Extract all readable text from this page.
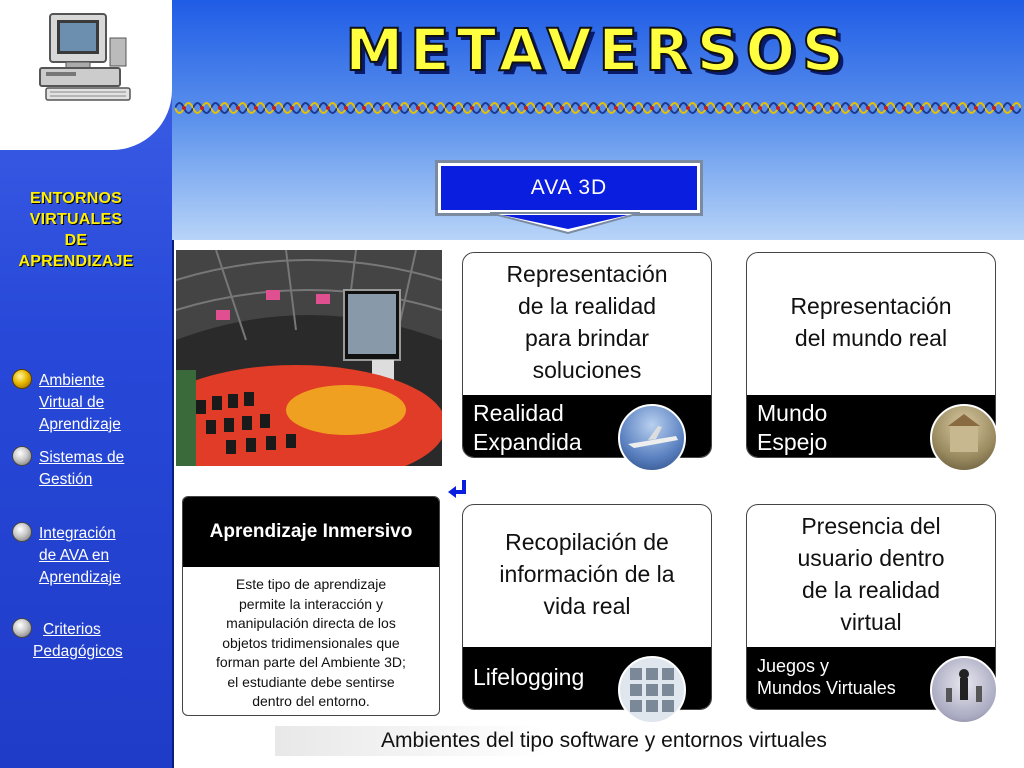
ENTORNOS
VIRTUALES
DE
APRENDIZAJE
Ambiente
Virtual de
Aprendizaje
Sistemas de
Gestión
Integración
de AVA en
Aprendizaje
Criterios
Pedagógicos
METAVERSOS
AVA 3D
Representación
de la realidad
para brindar
soluciones
Realidad
Expandida
Representación
del mundo real
Mundo
Espejo
Recopilación de
información de la
vida real
Lifelogging
Presencia del
usuario dentro
de la realidad
virtual
Juegos y
Mundos Virtuales
Aprendizaje Inmersivo
Este tipo de aprendizaje
permite la interacción y
manipulación directa de los
objetos tridimensionales que
forman parte del Ambiente 3D;
el estudiante debe sentirse
dentro del entorno.
Ambientes del tipo software y entornos virtuales
